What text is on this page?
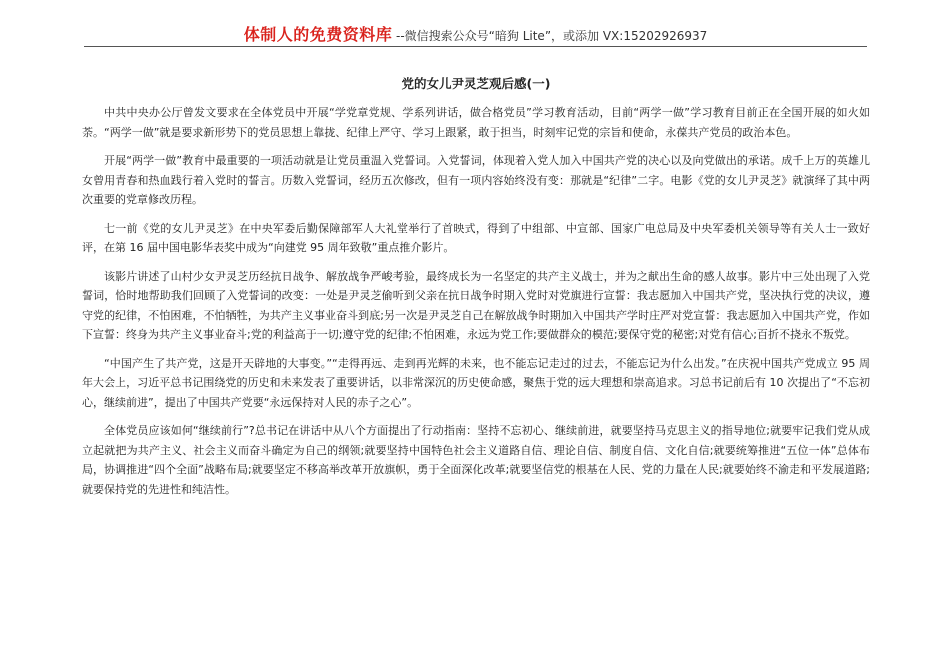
体制人的免费资料库 --微信搜索公众号“暗狗 Lite”，或添加 VX:15202926937
党的女儿尹灵芝观后感(一)

中共中央办公厅曾发文要求在全体党员中开展“学党章党规、学系列讲话，做合格党员”学习教育活动，目前“两学一做”学习教育目前正在全国开展的如火如荼。“两学一做”就是要求新形势下的党员思想上靠拢、纪律上严守、学习上跟紧，敢于担当，时刻牢记党的宗旨和使命，永葆共产党员的政治本色。

开展“两学一做”教育中最重要的一项活动就是让党员重温入党誓词。入党誓词，体现着入党人加入中国共产党的决心以及向党做出的承诺。成千上万的英雄儿女曾用青春和热血践行着入党时的誓言。历数入党誓词，经历五次修改，但有一项内容始终没有变：那就是“纪律”二字。电影《党的女儿尹灵芝》就演绎了其中两次重要的党章修改历程。

七一前《党的女儿尹灵芝》在中央军委后勤保障部军人大礼堂举行了首映式，得到了中组部、中宣部、国家广电总局及中央军委机关领导等有关人士一致好评，在第 16 届中国电影华表奖中成为“向建党 95 周年致敬”重点推介影片。

该影片讲述了山村少女尹灵芝历经抗日战争、解放战争严峻考验，最终成长为一名坚定的共产主义战士，并为之献出生命的感人故事。影片中三处出现了入党誓词，恰时地帮助我们回顾了入党誓词的改变：一处是尹灵芝偷听到父亲在抗日战争时期入党时对党旗进行宣誓：我志愿加入中国共产党，坚决执行党的决议，遵守党的纪律，不怕困难，不怕牺牲，为共产主义事业奋斗到底;另一次是尹灵芝自己在解放战争时期加入中国共产学时庄严对党宣誓：我志愿加入中国共产党，作如下宣誓：终身为共产主义事业奋斗;党的利益高于一切;遵守党的纪律;不怕困难，永远为党工作;要做群众的模范;要保守党的秘密;对党有信心;百折不挠永不叛党。

“中国产生了共产党，这是开天辟地的大事变。”“走得再远、走到再光辉的未来，也不能忘记走过的过去，不能忘记为什么出发。”在庆祝中国共产党成立 95 周年大会上，习近平总书记围绕党的历史和未来发表了重要讲话，以非常深沉的历史使命感，聚焦于党的远大理想和崇高追求。习总书记前后有 10 次提出了“不忘初心，继续前进”，提出了中国共产党要“永远保持对人民的赤子之心”。

全体党员应该如何“继续前行”?总书记在讲话中从八个方面提出了行动指南：坚持不忘初心、继续前进，就要坚持马克思主义的指导地位;就要牢记我们党从成立起就把为共产主义、社会主义而奋斗确定为自己的纲领;就要坚持中国特色社会主义道路自信、理论自信、制度自信、文化自信;就要统筹推进“五位一体”总体布局，协调推进“四个全面”战略布局;就要坚定不移高举改革开放旗帜，勇于全面深化改革;就要坚信党的根基在人民、党的力量在人民;就要始终不渝走和平发展道路;就要保持党的先进性和纯洁性。
